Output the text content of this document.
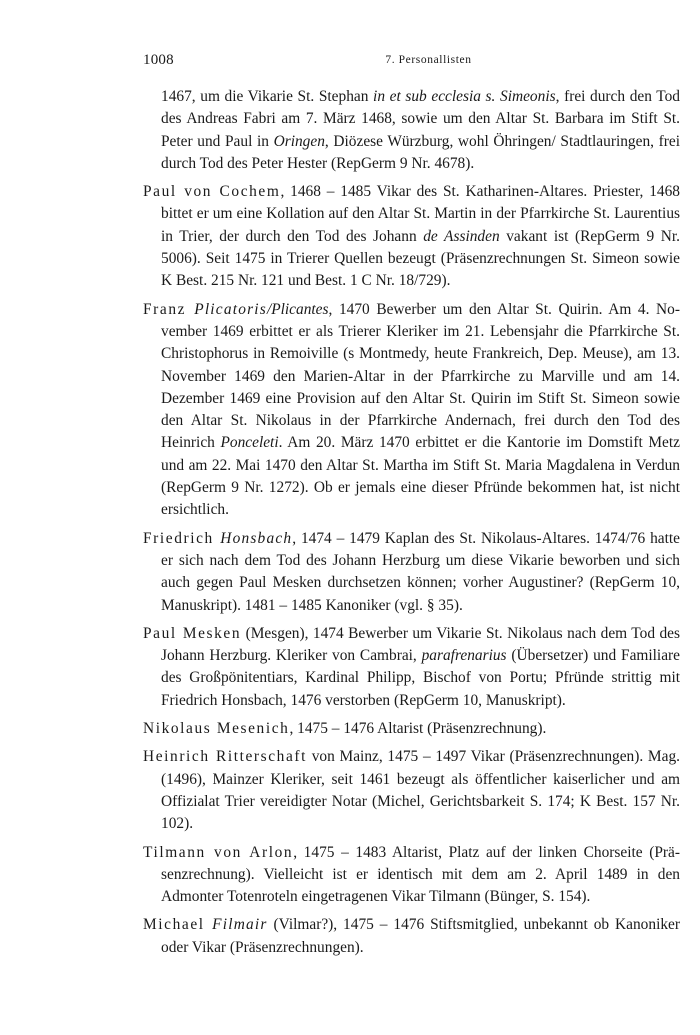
1008	7. Personallisten

1467, um die Vikarie St. Stephan in et sub ecclesia s. Simeonis, frei durch den Tod des Andreas Fabri am 7. März 1468, sowie um den Altar St. Barbara im Stift St. Peter und Paul in Oringen, Diözese Würzburg, wohl Öhringen/ Stadtlauringen, frei durch Tod des Peter Hester (RepGerm 9 Nr. 4678).

Paul von Cochem, 1468 – 1485 Vikar des St. Katharinen-Altares. Priester, 1468 bittet er um eine Kollation auf den Altar St. Martin in der Pfarrkirche St. Laurentius in Trier, der durch den Tod des Johann de Assinden vakant ist (RepGerm 9 Nr. 5006). Seit 1475 in Trierer Quellen bezeugt (Präsenzrechnungen St. Simeon sowie K Best. 215 Nr. 121 und Best. 1 C Nr. 18/729).

Franz Plicatoris/Plicantes, 1470 Bewerber um den Altar St. Quirin. Am 4. November 1469 erbittet er als Trierer Kleriker im 21. Lebensjahr die Pfarrkirche St. Christophorus in Remoiville (s Montmedy, heute Frankreich, Dep. Meuse), am 13. November 1469 den Marien-Altar in der Pfarrkirche zu Marville und am 14. Dezember 1469 eine Provision auf den Altar St. Quirin im Stift St. Simeon sowie den Altar St. Nikolaus in der Pfarrkirche Andernach, frei durch den Tod des Heinrich Ponceleti. Am 20. März 1470 erbittet er die Kantorie im Domstift Metz und am 22. Mai 1470 den Altar St. Martha im Stift St. Maria Magdalena in Verdun (RepGerm 9 Nr. 1272). Ob er jemals eine dieser Pfründe bekommen hat, ist nicht ersichtlich.

Friedrich Honsbach, 1474 – 1479 Kaplan des St. Nikolaus-Altares. 1474/76 hatte er sich nach dem Tod des Johann Herzburg um diese Vikarie beworben und sich auch gegen Paul Mesken durchsetzen können; vorher Augustiner? (RepGerm 10, Manuskript). 1481 – 1485 Kanoniker (vgl. § 35).

Paul Mesken (Mesgen), 1474 Bewerber um Vikarie St. Nikolaus nach dem Tod des Johann Herzburg. Kleriker von Cambrai, parafrenarius (Übersetzer) und Familiare des Großpönitentiars, Kardinal Philipp, Bischof von Portu; Pfründe strittig mit Friedrich Honsbach, 1476 verstorben (RepGerm 10, Manuskript).

Nikolaus Mesenich, 1475 – 1476 Altarist (Präsenzrechnung).

Heinrich Ritterschaft von Mainz, 1475 – 1497 Vikar (Präsenzrechnungen). Mag. (1496), Mainzer Kleriker, seit 1461 bezeugt als öffentlicher kaiserlicher und am Offizialat Trier vereidigter Notar (Michel, Gerichtsbarkeit S. 174; K Best. 157 Nr. 102).

Tilmann von Arlon, 1475 – 1483 Altarist, Platz auf der linken Chorseite (Präsenzrechnung). Vielleicht ist er identisch mit dem am 2. April 1489 in den Admonter Totenroteln eingetragenen Vikar Tilmann (Bünger, S. 154).

Michael Filmair (Vilmar?), 1475 – 1476 Stiftsmitglied, unbekannt ob Kanoniker oder Vikar (Präsenzrechnungen).
